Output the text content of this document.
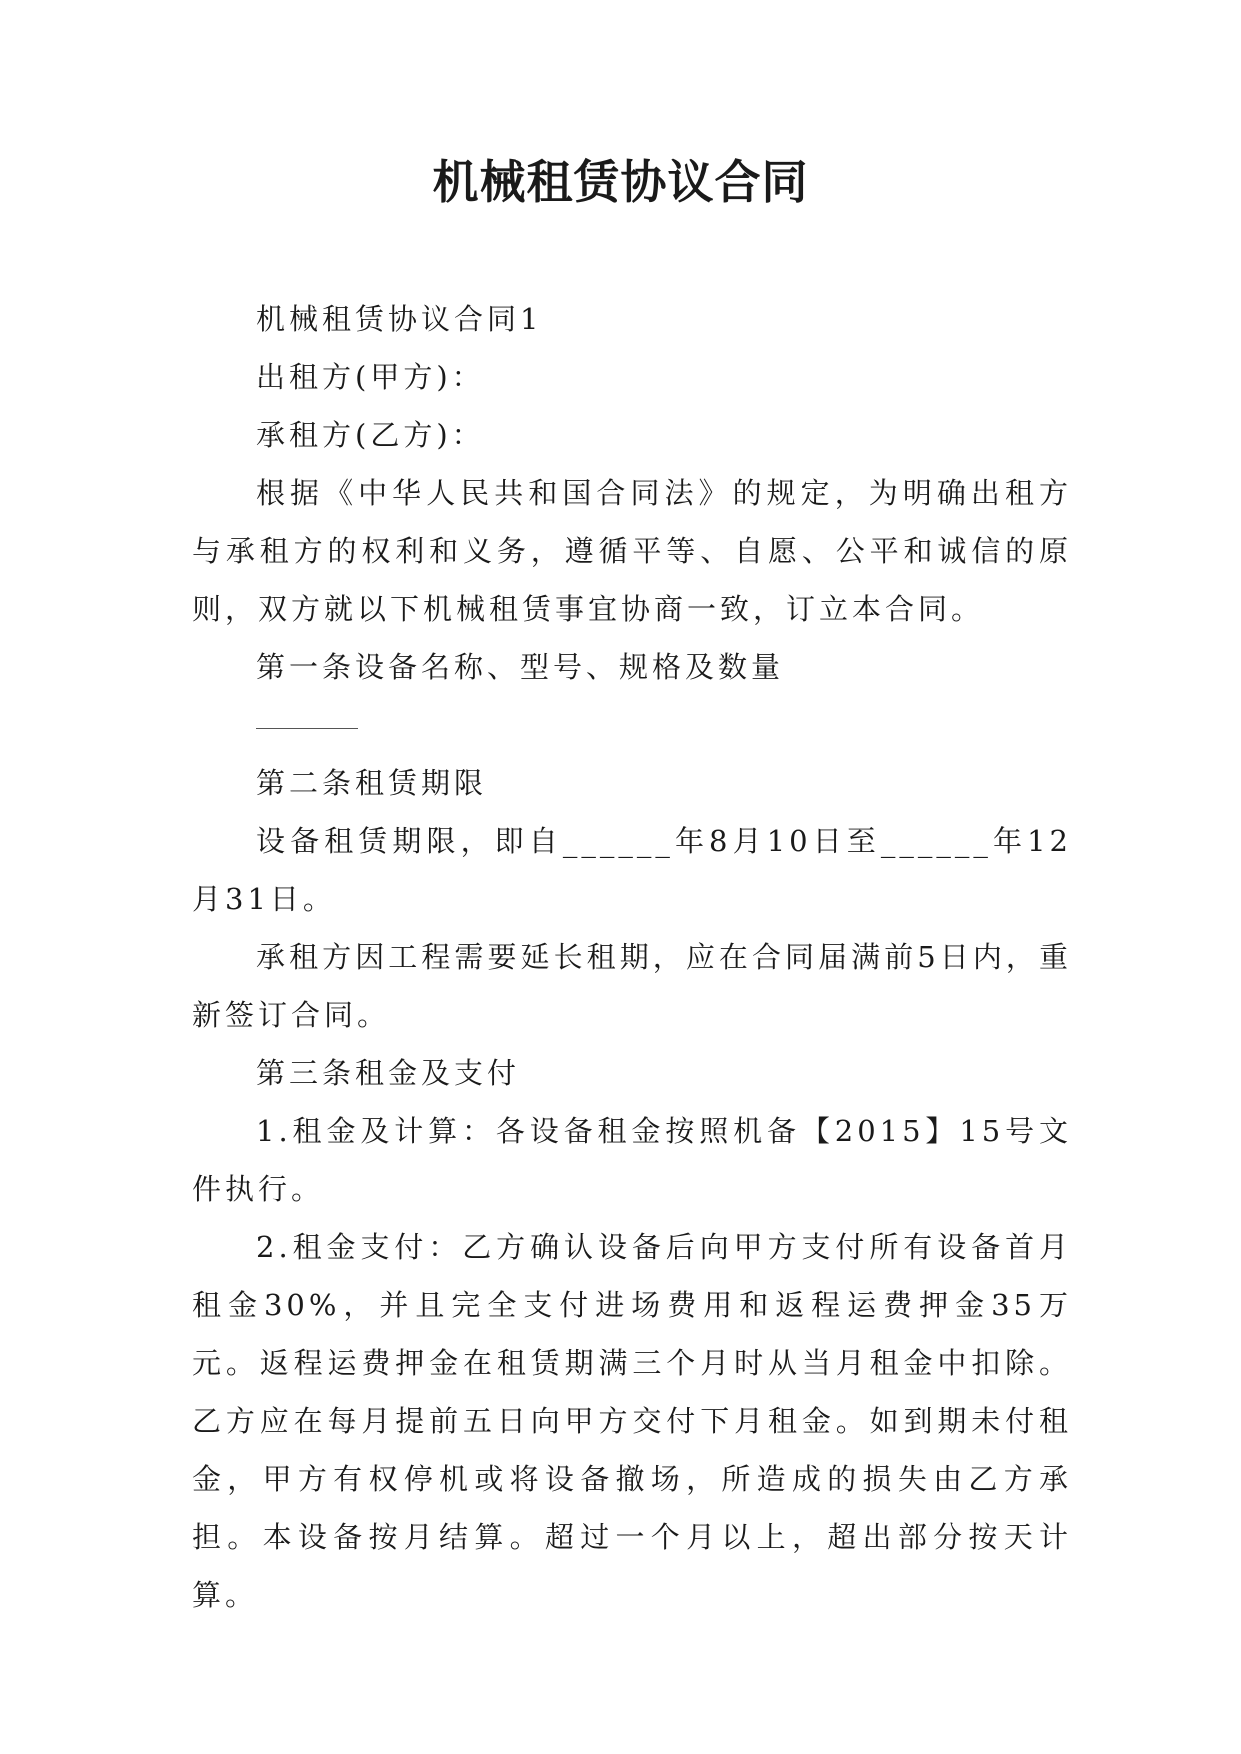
机械租赁协议合同

机械租赁协议合同1

出租方(甲方)：

承租方(乙方)：

根据《中华人民共和国合同法》的规定，为明确出租方与承租方的权利和义务，遵循平等、自愿、公平和诚信的原则，双方就以下机械租赁事宜协商一致，订立本合同。

第一条设备名称、型号、规格及数量

第二条租赁期限

设备租赁期限，即自______年8月10日至______年12月31日。

承租方因工程需要延长租期，应在合同届满前5日内，重新签订合同。

第三条租金及支付

1.租金及计算：各设备租金按照机备【2015】15号文件执行。

2.租金支付：乙方确认设备后向甲方支付所有设备首月租金30%，并且完全支付进场费用和返程运费押金35万元。返程运费押金在租赁期满三个月时从当月租金中扣除。乙方应在每月提前五日向甲方交付下月租金。如到期未付租金，甲方有权停机或将设备撤场，所造成的损失由乙方承担。本设备按月结算。超过一个月以上，超出部分按天计算。
